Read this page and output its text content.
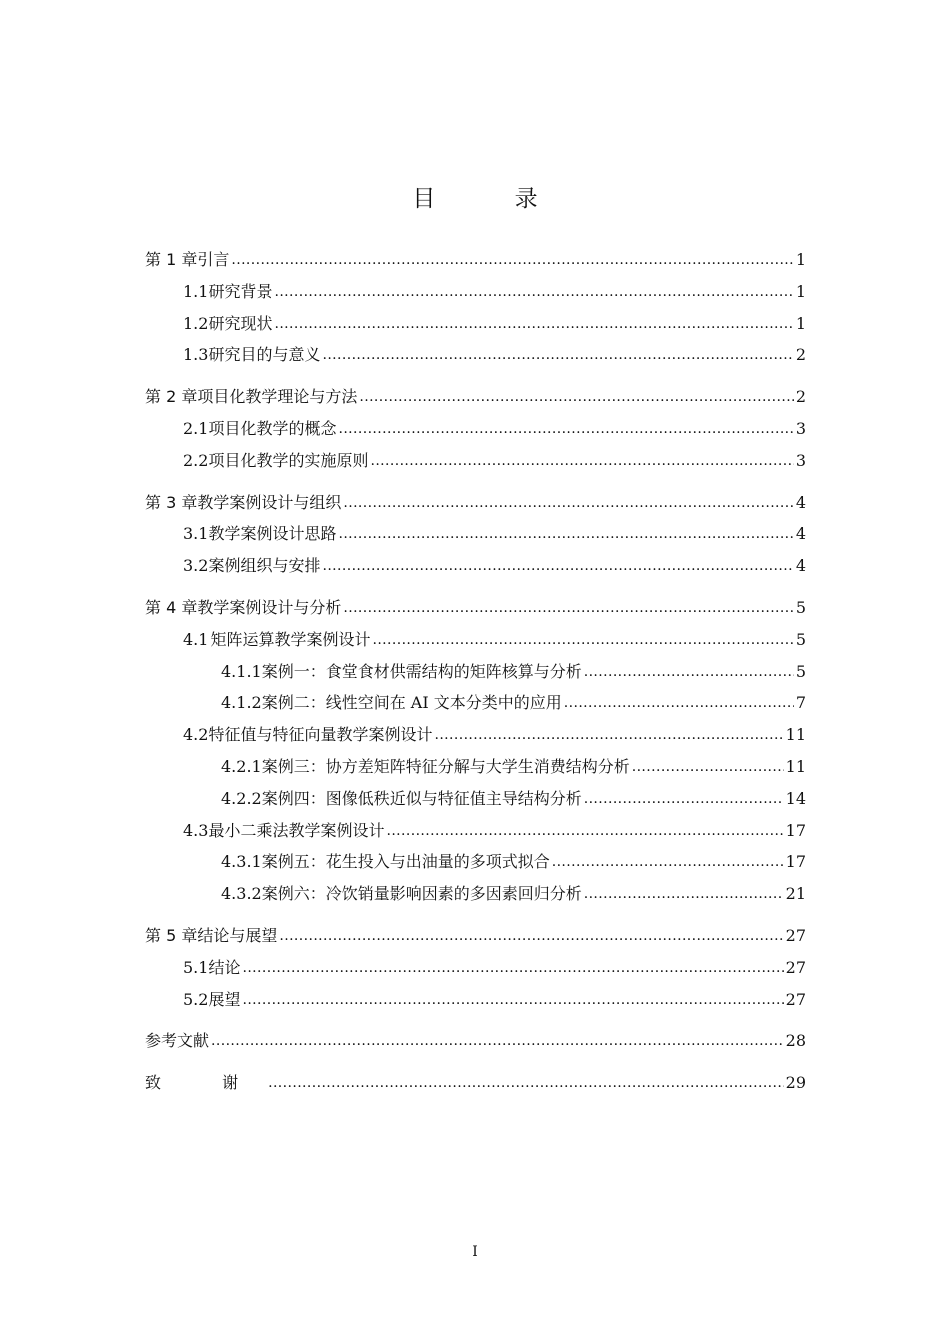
目 录
第 1 章 引言 .....	1
1.1 研究背景 .....	1
1.2 研究现状 .....	1
1.3 研究目的与意义 .....	2
第 2 章 项目化教学理论与方法 .....	2
2.1 项目化教学的概念 .....	3
2.2 项目化教学的实施原则 .....	3
第 3 章 教学案例设计与组织 .....	4
3.1 教学案例设计思路 .....	4
3.2 案例组织与安排 .....	4
第 4 章 教学案例设计与分析 .....	5
4.1 矩阵运算教学案例设计 .....	5
4.1.1 案例一：食堂食材供需结构的矩阵核算与分析 .....	5
4.1.2 案例二：线性空间在 AI 文本分类中的应用 .....	7
4.2 特征值与特征向量教学案例设计 .....	11
4.2.1 案例三：协方差矩阵特征分解与大学生消费结构分析 .....	11
4.2.2 案例四：图像低秩近似与特征值主导结构分析 .....	14
4.3 最小二乘法教学案例设计 .....	17
4.3.1 案例五：花生投入与出油量的多项式拟合 .....	17
4.3.2 案例六：冷饮销量影响因素的多因素回归分析 .....	21
第 5 章 结论与展望 .....	27
5.1 结论 .....	27
5.2 展望 .....	27
参考文献 .....	28
致 谢 .....	29
I
